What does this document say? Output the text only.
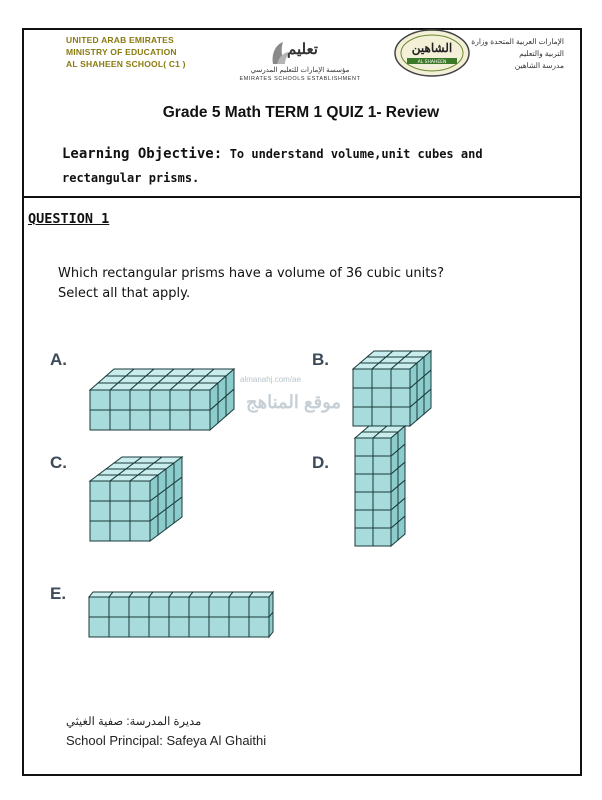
UNITED ARAB EMIRATES
MINISTRY OF EDUCATION
AL SHAHEEN SCHOOL( C1 )
تعليم
مؤسسة الإمارات للتعليم المدرسي
EMIRATES SCHOOLS ESTABLISHMENT
الشاهين
AL SHAHEEN
الإمارات العربية المتحدة وزارة
التربية والتعليم
مدرسة الشاهين
Grade 5 Math TERM 1 QUIZ 1- Review
Learning Objective: To understand volume,unit cubes and rectangular prisms.
QUESTION 1
Which rectangular prisms have a volume of 36 cubic units?
Select all that apply.
A.	B.
C.	D.
E.
almanahj.com/ae
موقع المناهج
مديرة المدرسة: صفية الغيثي
School Principal: Safeya Al Ghaithi
